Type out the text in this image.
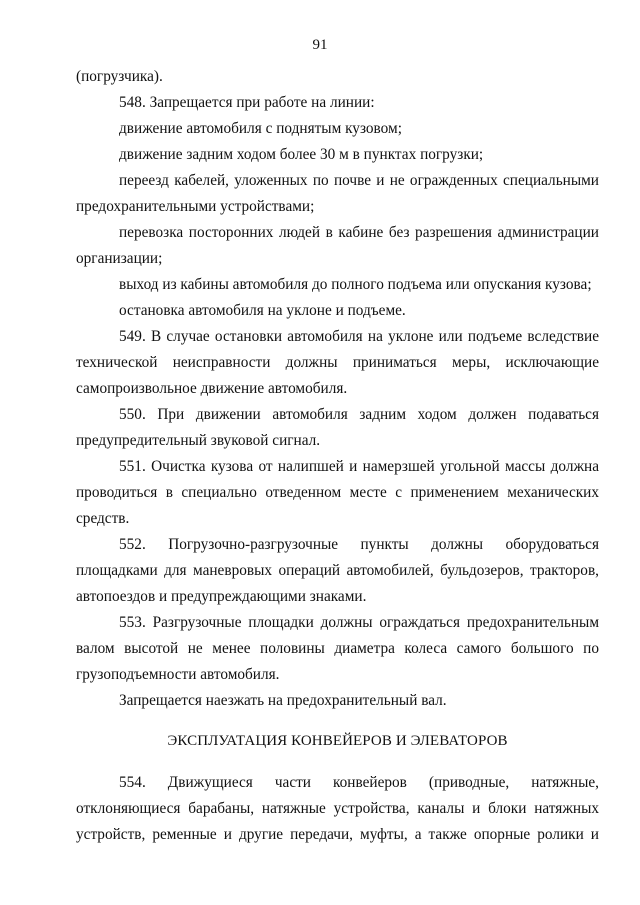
91

(погрузчика).

548. Запрещается при работе на линии:

движение автомобиля с поднятым кузовом;

движение задним ходом более 30 м в пунктах погрузки;

переезд кабелей, уложенных по почве и не огражденных специальными предохранительными устройствами;

перевозка посторонних людей в кабине без разрешения администрации организации;

выход из кабины автомобиля до полного подъема или опускания кузова;

остановка автомобиля на уклоне и подъеме.

549. В случае остановки автомобиля на уклоне или подъеме вследствие технической неисправности должны приниматься меры, исключающие самопроизвольное движение автомобиля.

550. При движении автомобиля задним ходом должен подаваться предупредительный звуковой сигнал.

551. Очистка кузова от налипшей и намерзшей угольной массы должна проводиться в специально отведенном месте с применением механических средств.

552. Погрузочно-разгрузочные пункты должны оборудоваться площадками для маневровых операций автомобилей, бульдозеров, тракторов, автопоездов и предупреждающими знаками.

553. Разгрузочные площадки должны ограждаться предохранительным валом высотой не менее половины диаметра колеса самого большого по грузоподъемности автомобиля.

Запрещается наезжать на предохранительный вал.

ЭКСПЛУАТАЦИЯ КОНВЕЙЕРОВ И ЭЛЕВАТОРОВ

554. Движущиеся части конвейеров (приводные, натяжные, отклоняющиеся барабаны, натяжные устройства, каналы и блоки натяжных устройств, ременные и другие передачи, муфты, а также опорные ролики и
